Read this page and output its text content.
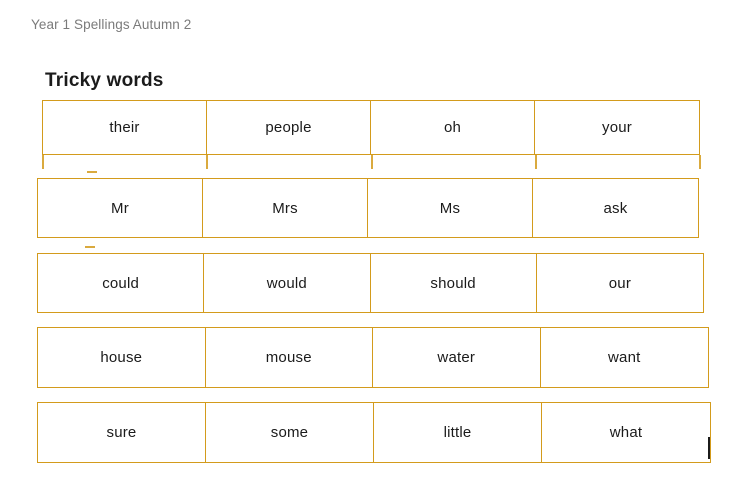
Year 1 Spellings Autumn 2
Tricky words
their	people	oh	your
Mr	Mrs	Ms	ask
could	would	should	our
house	mouse	water	want
sure	some	little	what
